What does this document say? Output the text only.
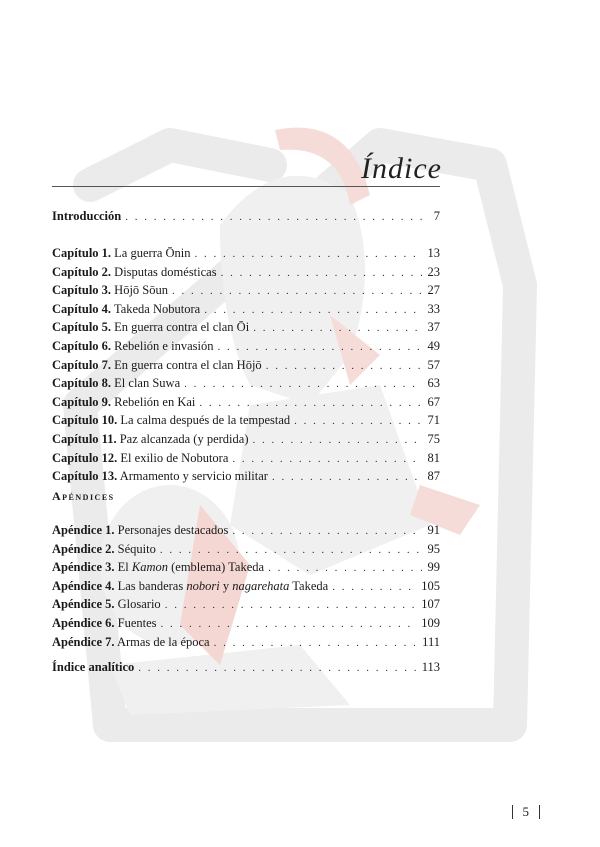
Índice
Introducción . . .	7
Capítulo 1. La guerra Ōnin . . .	13
Capítulo 2. Disputas domésticas . . .	23
Capítulo 3. Hōjō Sōun . . .	27
Capítulo 4. Takeda Nobutora . . .	33
Capítulo 5. En guerra contra el clan Ōi . . .	37
Capítulo 6. Rebelión e invasión . . .	49
Capítulo 7. En guerra contra el clan Hōjō . . .	57
Capítulo 8. El clan Suwa . . .	63
Capítulo 9. Rebelión en Kai . . .	67
Capítulo 10. La calma después de la tempestad . . .	71
Capítulo 11. Paz alcanzada (y perdida) . . .	75
Capítulo 12. El exilio de Nobutora . . .	81
Capítulo 13. Armamento y servicio militar . . .	87
Apéndices
Apéndice 1. Personajes destacados . . .	91
Apéndice 2. Séquito . . .	95
Apéndice 3. El Kamon (emblema) Takeda . . .	99
Apéndice 4. Las banderas nobori y nagarehata Takeda . . .	105
Apéndice 5. Glosario . . .	107
Apéndice 6. Fuentes . . .	109
Apéndice 7. Armas de la época . . .	111
Índice analítico . . .	113
5
